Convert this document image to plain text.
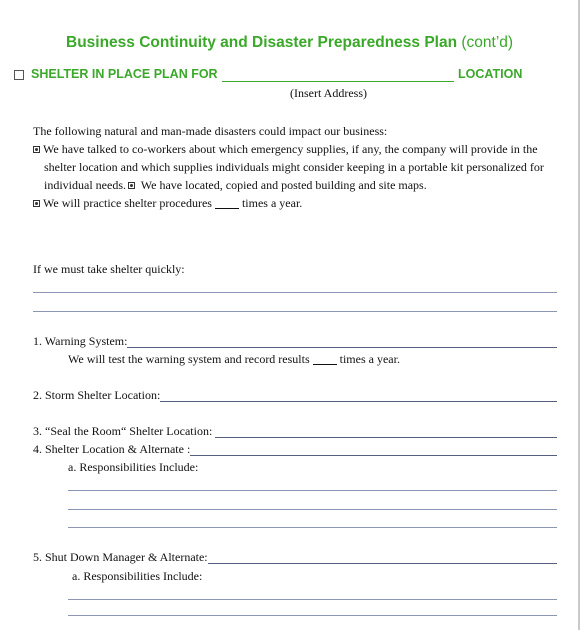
Business Continuity and Disaster Preparedness Plan (cont’d)
SHELTER IN PLACE PLAN FOR	LOCATION
(Insert Address)
The following natural and man-made disasters could impact our business:
We have talked to co-workers about which emergency supplies, if any, the company will provide in the
shelter location and which supplies individuals might consider keeping in a portable kit personalized for
individual needs. We have located, copied and posted building and site maps.
We will practice shelter procedures  times a year.
If we must take shelter quickly:
1. Warning System:
We will test the warning system and record results  times a year.
2. Storm Shelter Location:
3. “Seal the Room“ Shelter Location:
4. Shelter Location & Alternate :
a. Responsibilities Include:
5. Shut Down Manager & Alternate:
a. Responsibilities Include:
